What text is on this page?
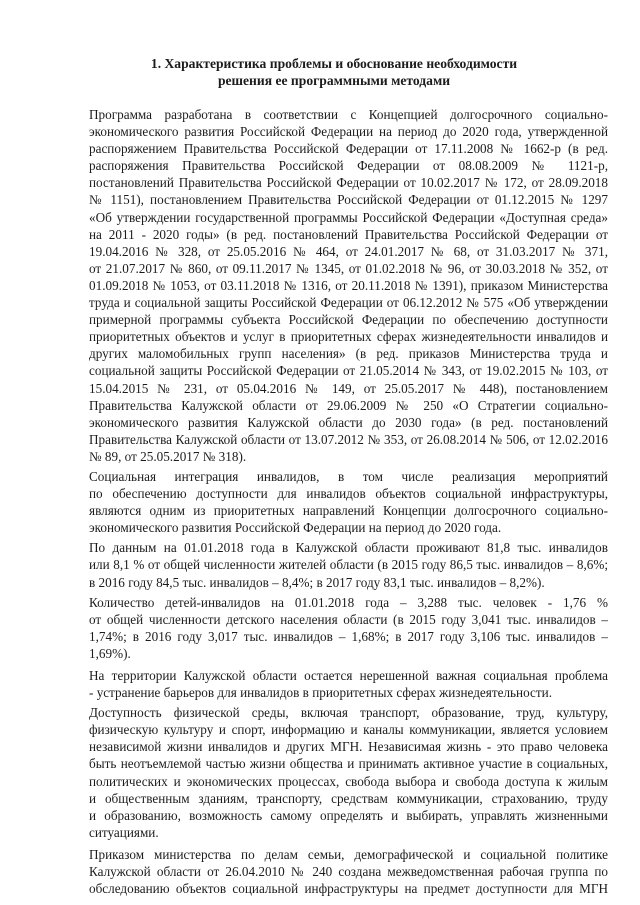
1. Характеристика проблемы и обоснование необходимости
решения ее программными методами
Программа разработана в соответствии с Концепцией долгосрочного социально-
экономического развития Российской Федерации на период до 2020 года, утвержденной
распоряжением Правительства Российской Федерации от 17.11.2008 № 1662-р (в ред.
распоряжения Правительства Российской Федерации от 08.08.2009 № 1121-р,
постановлений Правительства Российской Федерации от 10.02.2017 № 172, от 28.09.2018
№ 1151), постановлением Правительства Российской Федерации от 01.12.2015 № 1297
«Об утверждении государственной программы Российской Федерации «Доступная среда»
на 2011 - 2020 годы» (в ред. постановлений Правительства Российской Федерации от
19.04.2016 № 328, от 25.05.2016 № 464, от 24.01.2017 № 68, от 31.03.2017 № 371,
от 21.07.2017 № 860, от 09.11.2017 № 1345, от 01.02.2018 № 96, от 30.03.2018 № 352, от
01.09.2018 № 1053, от 03.11.2018 № 1316, от 20.11.2018 № 1391), приказом Министерства
труда и социальной защиты Российской Федерации от 06.12.2012 № 575 «Об утверждении
примерной программы субъекта Российской Федерации по обеспечению доступности
приоритетных объектов и услуг в приоритетных сферах жизнедеятельности инвалидов и
других маломобильных групп населения» (в ред. приказов Министерства труда и
социальной защиты Российской Федерации от 21.05.2014 № 343, от 19.02.2015 № 103, от
15.04.2015 № 231, от 05.04.2016 № 149, от 25.05.2017 № 448), постановлением
Правительства Калужской области от 29.06.2009 № 250 «О Стратегии социально-
экономического развития Калужской области до 2030 года» (в ред. постановлений
Правительства Калужской области от 13.07.2012 № 353, от 26.08.2014 № 506, от 12.02.2016
№ 89, от 25.05.2017 № 318).
Социальная интеграция инвалидов, в том числе реализация мероприятий
по обеспечению доступности для инвалидов объектов социальной инфраструктуры,
являются одним из приоритетных направлений Концепции долгосрочного социально-
экономического развития Российской Федерации на период до 2020 года.
По данным на 01.01.2018 года в Калужской области проживают 81,8 тыс. инвалидов
или 8,1 % от общей численности жителей области (в 2015 году 86,5 тыс. инвалидов – 8,6%;
в 2016 году 84,5 тыс. инвалидов – 8,4%; в 2017 году 83,1 тыс. инвалидов – 8,2%).
Количество детей-инвалидов на 01.01.2018 года – 3,288 тыс. человек - 1,76 %
от общей численности детского населения области (в 2015 году 3,041 тыс. инвалидов –
1,74%; в 2016 году 3,017 тыс. инвалидов – 1,68%; в 2017 году 3,106 тыс. инвалидов –
1,69%).
На территории Калужской области остается нерешенной важная социальная проблема
- устранение барьеров для инвалидов в приоритетных сферах жизнедеятельности.
Доступность физической среды, включая транспорт, образование, труд, культуру,
физическую культуру и спорт, информацию и каналы коммуникации, является условием
независимой жизни инвалидов и других МГН. Независимая жизнь - это право человека
быть неотъемлемой частью жизни общества и принимать активное участие в социальных,
политических и экономических процессах, свобода выбора и свобода доступа к жилым
и общественным зданиям, транспорту, средствам коммуникации, страхованию, труду
и образованию, возможность самому определять и выбирать, управлять жизненными
ситуациями.
Приказом министерства по делам семьи, демографической и социальной политике
Калужской области от 26.04.2010 № 240 создана межведомственная рабочая группа по
обследованию объектов социальной инфраструктуры на предмет доступности для МГН
